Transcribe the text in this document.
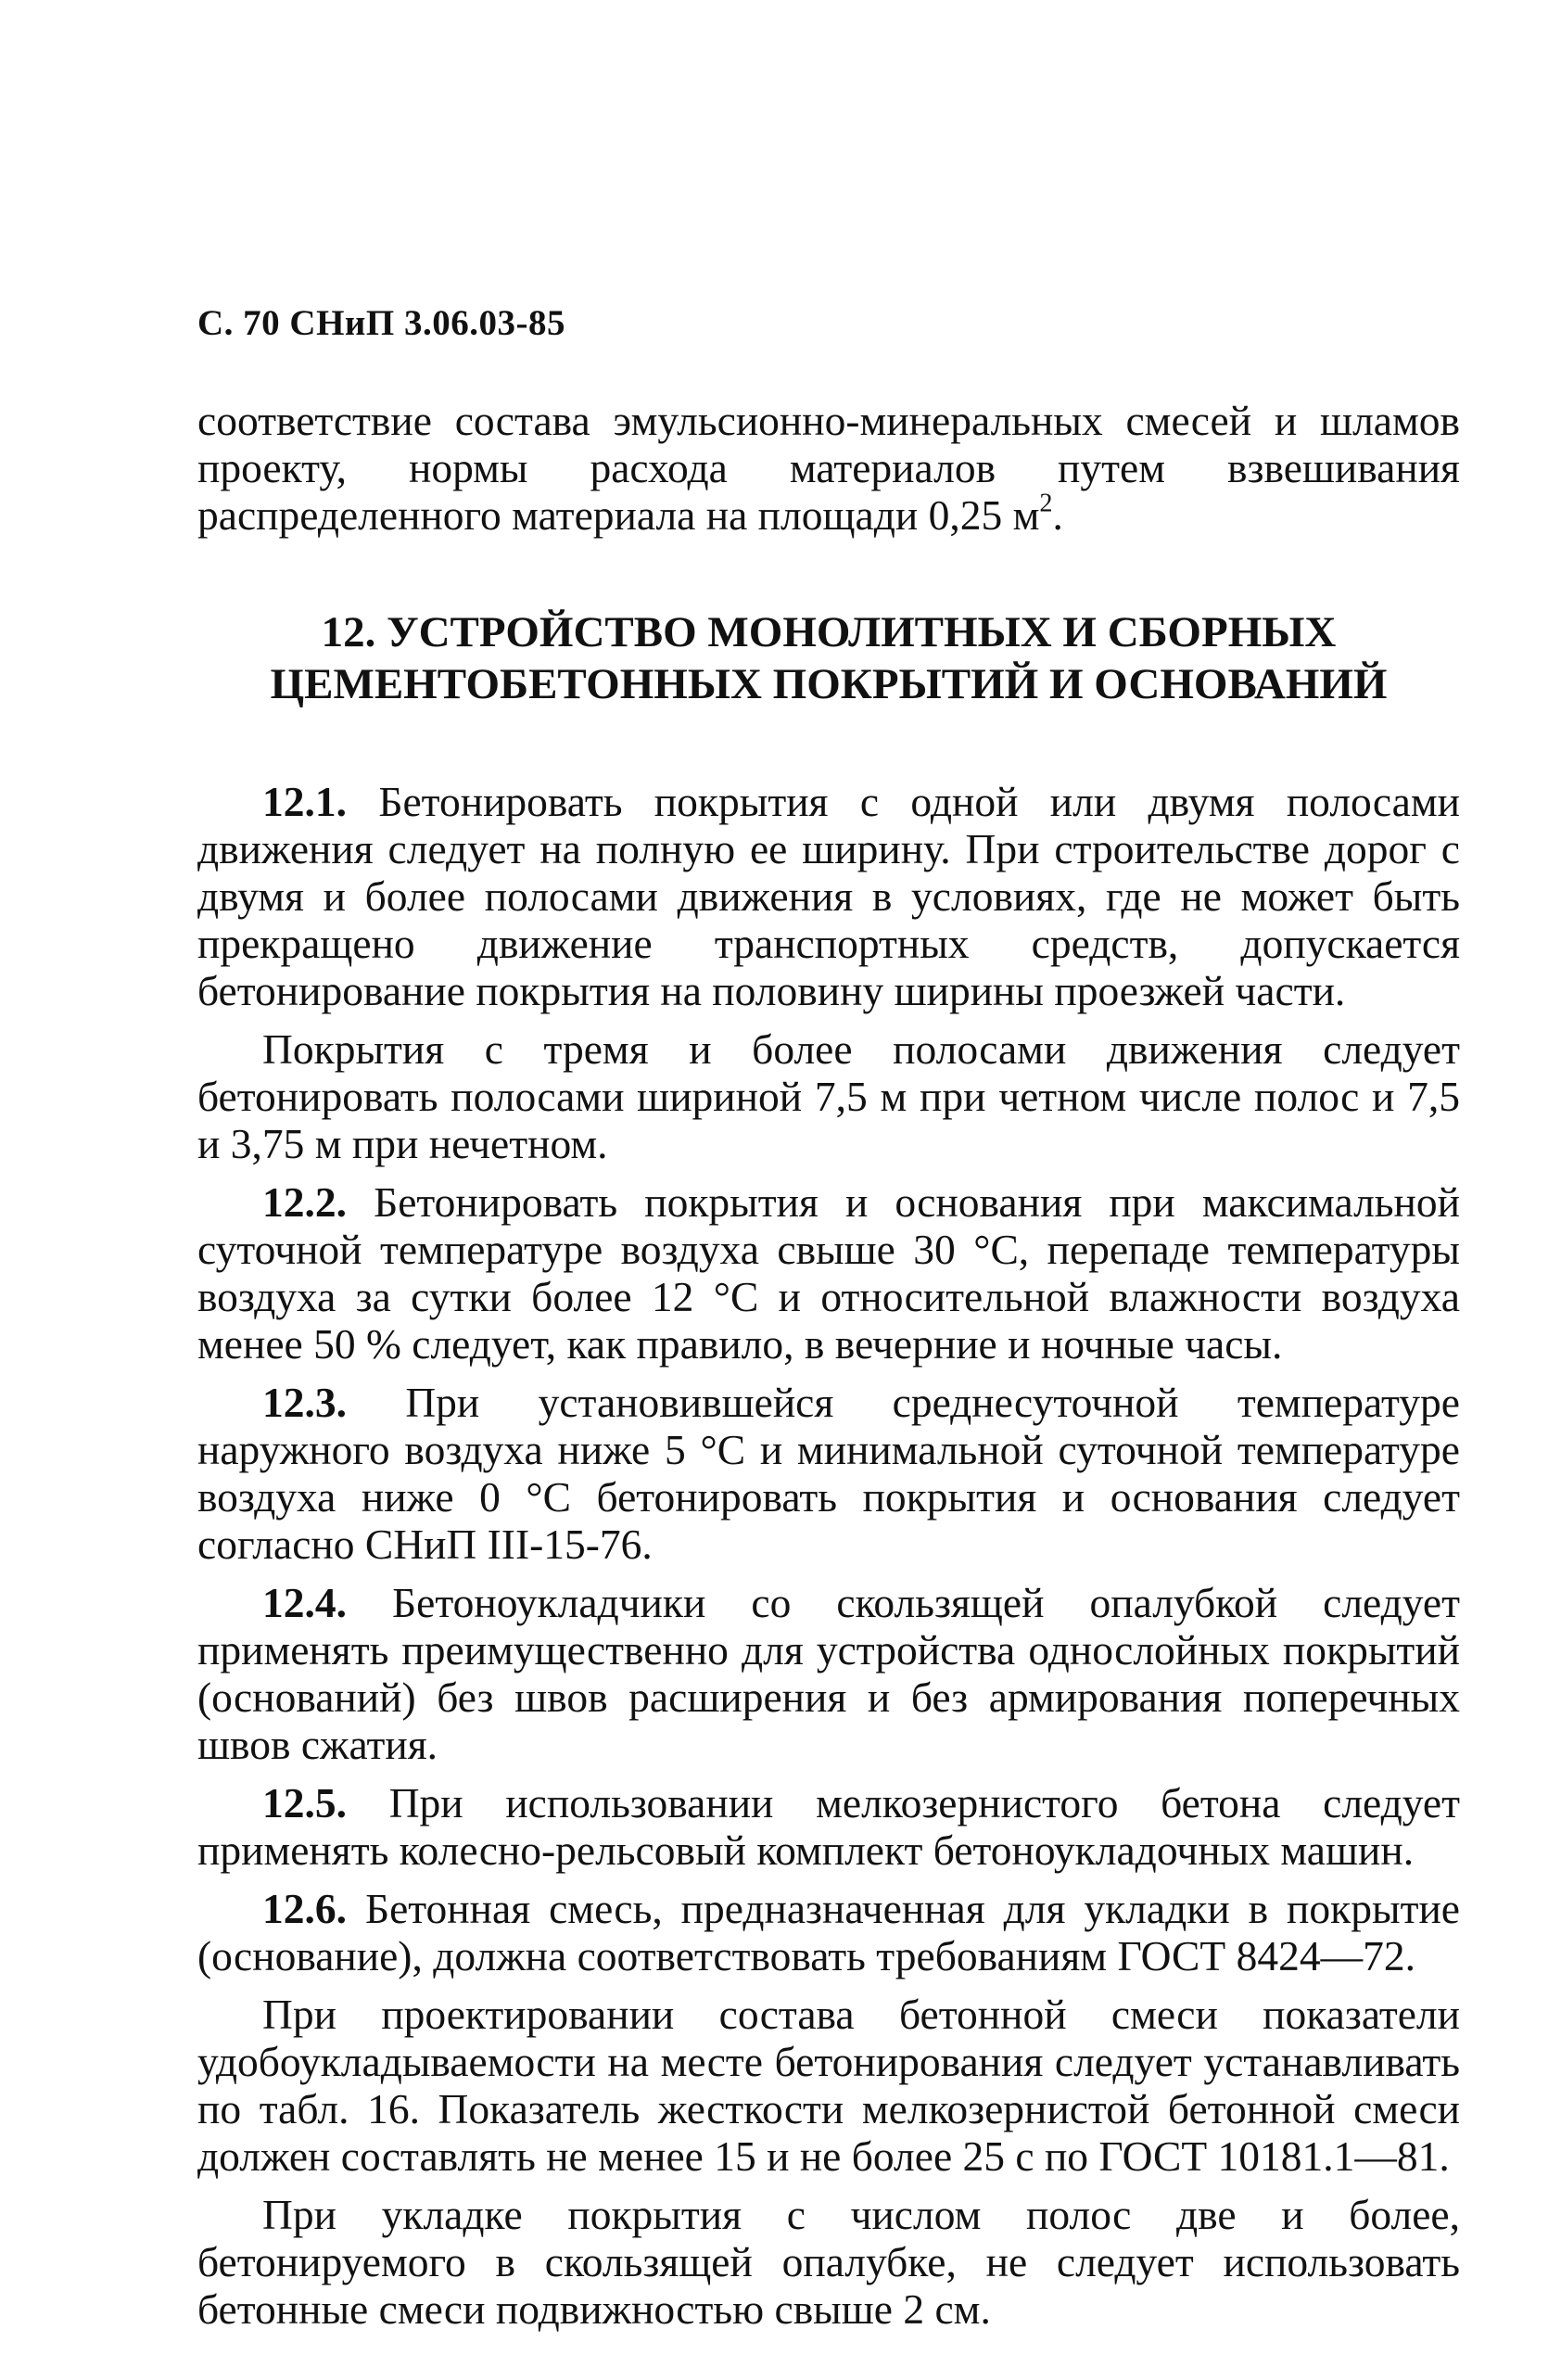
С. 70 СНиП 3.06.03-85

соответствие состава эмульсионно-минеральных смесей и шламов проекту, нормы расхода материалов путем взвешивания распределенного материала на площади 0,25 $м^2$.

12. УСТРОЙСТВО МОНОЛИТНЫХ И СБОРНЫХ
ЦЕМЕНТОБЕТОННЫХ ПОКРЫТИЙ И ОСНОВАНИЙ

12.1. Бетонировать покрытия с одной или двумя полосами движения следует на полную ее ширину. При строительстве дорог с двумя и более полосами движения в условиях, где не может быть прекращено движение транспортных средств, допускается бетонирование покрытия на половину ширины проезжей части.

Покрытия с тремя и более полосами движения следует бетонировать полосами шириной 7,5 м при четном числе полос и 7,5 и 3,75 м при нечетном.

12.2. Бетонировать покрытия и основания при максимальной суточной температуре воздуха свыше 30 °С, перепаде температуры воздуха за сутки более 12 °С и относительной влажности воздуха менее 50 % следует, как правило, в вечерние и ночные часы.

12.3. При установившейся среднесуточной температуре наружного воздуха ниже 5 °С и минимальной суточной температуре воздуха ниже 0 °С бетонировать покрытия и основания следует согласно СНиП III-15-76.

12.4. Бетоноукладчики со скользящей опалубкой следует применять преимущественно для устройства однослойных покрытий (оснований) без швов расширения и без армирования поперечных швов сжатия.

12.5. При использовании мелкозернистого бетона следует применять колесно-рельсовый комплект бетоноукладочных машин.

12.6. Бетонная смесь, предназначенная для укладки в покрытие (основание), должна соответствовать требованиям ГОСТ 8424—72.

При проектировании состава бетонной смеси показатели удобоукладываемости на месте бетонирования следует устанавливать по табл. 16. Показатель жесткости мелкозернистой бетонной смеси должен составлять не менее 15 и не более 25 с по ГОСТ 10181.1—81.

При укладке покрытия с числом полос две и более, бетонируемого в скользящей опалубке, не следует использовать бетонные смеси подвижностью свыше 2 см.
